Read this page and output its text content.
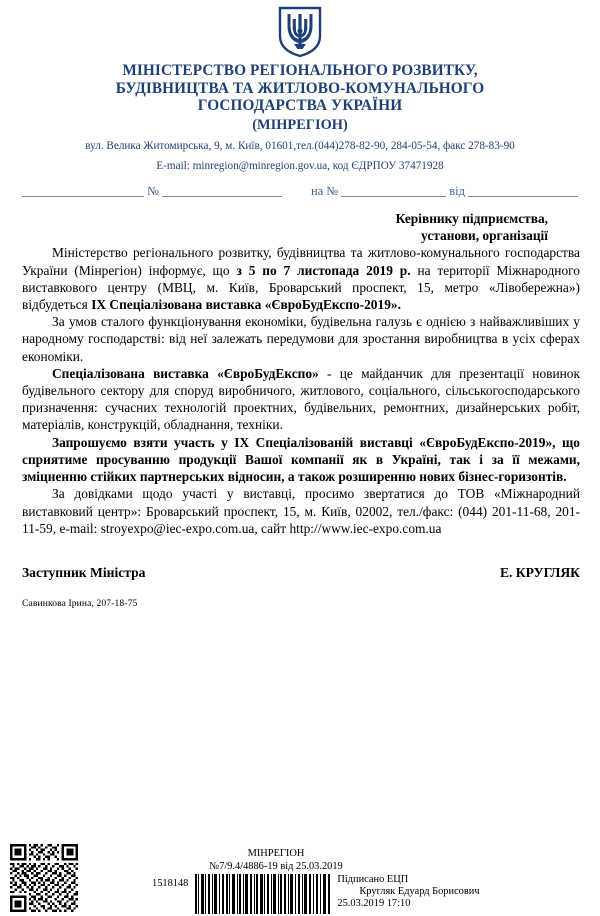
МІНІСТЕРСТВО РЕГІОНАЛЬНОГО РОЗВИТКУ,
БУДІВНИЦТВА ТА ЖИТЛОВО-КОМУНАЛЬНОГО
ГОСПОДАРСТВА УКРАЇНИ
(МІНРЕГІОН)
вул. Велика Житомирська, 9, м. Київ, 01601,тел.(044)278-82-90, 284-05-54, факс 278-83-90
E-mail: minregion@minregion.gov.ua, код ЄДРПОУ 37471928
№	на №	від
Керівнику підприємства,
установи, організації

Міністерство регіонального розвитку, будівництва та житлово-комунального господарства України (Мінрегіон) інформує, що з 5 по 7 листопада 2019 р. на території Міжнародного виставкового центру (МВЦ, м. Київ, Броварський проспект, 15, метро «Лівобережна») відбудеться IX Спеціалізована виставка «ЄвроБудЕкспо-2019».

За умов сталого функціонування економіки, будівельна галузь є однією з найважливіших у народному господарстві: від неї залежать передумови для зростання виробництва в усіх сферах економіки.

Спеціалізована виставка «ЄвроБудЕкспо» - це майданчик для презентації новинок будівельного сектору для споруд виробничого, житлового, соціального, сільськогосподарського призначення: сучасних технологій проектних, будівельних, ремонтних, дизайнерських робіт, матеріалів, конструкцій, обладнання, техніки.

Запрошуємо взяти участь у IX Спеціалізованій виставці «ЄвроБудЕкспо-2019», що сприятиме просуванню продукції Вашої компанії як в Україні, так і за її межами, зміцненню стійких партнерських відносин, а також розширенню нових бізнес-горизонтів.

За довідками щодо участі у виставці, просимо звертатися до ТОВ «Міжнародний виставковий центр»: Броварський проспект, 15, м. Київ, 02002, тел./факс: (044) 201-11-68, 201-11-59, e-mail: stroyexpo@iec-expo.com.ua, сайт http://www.iec-expo.com.ua

Заступник Міністра	Е. КРУГЛЯК
Савинкова Ірина, 207-18-75
МІНРЕГІОН
№7/9.4/4886-19 від 25.03.2019
1518148	Підписано ЕЦП
Кругляк Едуард Борисович
25.03.2019 17:10
